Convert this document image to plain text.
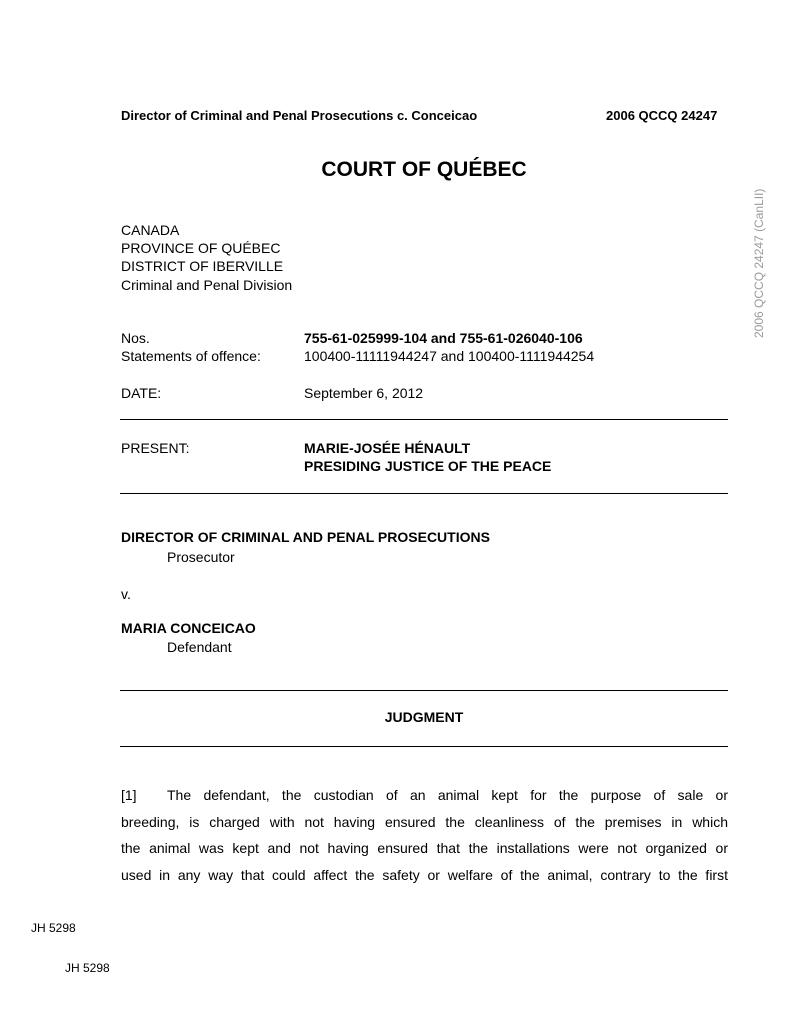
Director of Criminal and Penal Prosecutions c. Conceicao	2006 QCCQ 24247
COURT OF QUÉBEC
2006 QCCQ 24247 (CanLII)
CANADA
PROVINCE OF QUÉBEC
DISTRICT OF IBERVILLE
Criminal and Penal Division
Nos.	755-61-025999-104 and 755-61-026040-106
Statements of offence:	100400-11111944247 and 100400-1111944254
DATE:	September 6, 2012
PRESENT:	MARIE-JOSÉE HÉNAULT
PRESIDING JUSTICE OF THE PEACE
DIRECTOR OF CRIMINAL AND PENAL PROSECUTIONS
Prosecutor
v.
MARIA CONCEICAO
Defendant
JUDGMENT
[1] The defendant, the custodian of an animal kept for the purpose of sale or
breeding, is charged with not having ensured the cleanliness of the premises in which
the animal was kept and not having ensured that the installations were not organized or
used in any way that could affect the safety or welfare of the animal, contrary to the first
JH 5298
JH 5298
